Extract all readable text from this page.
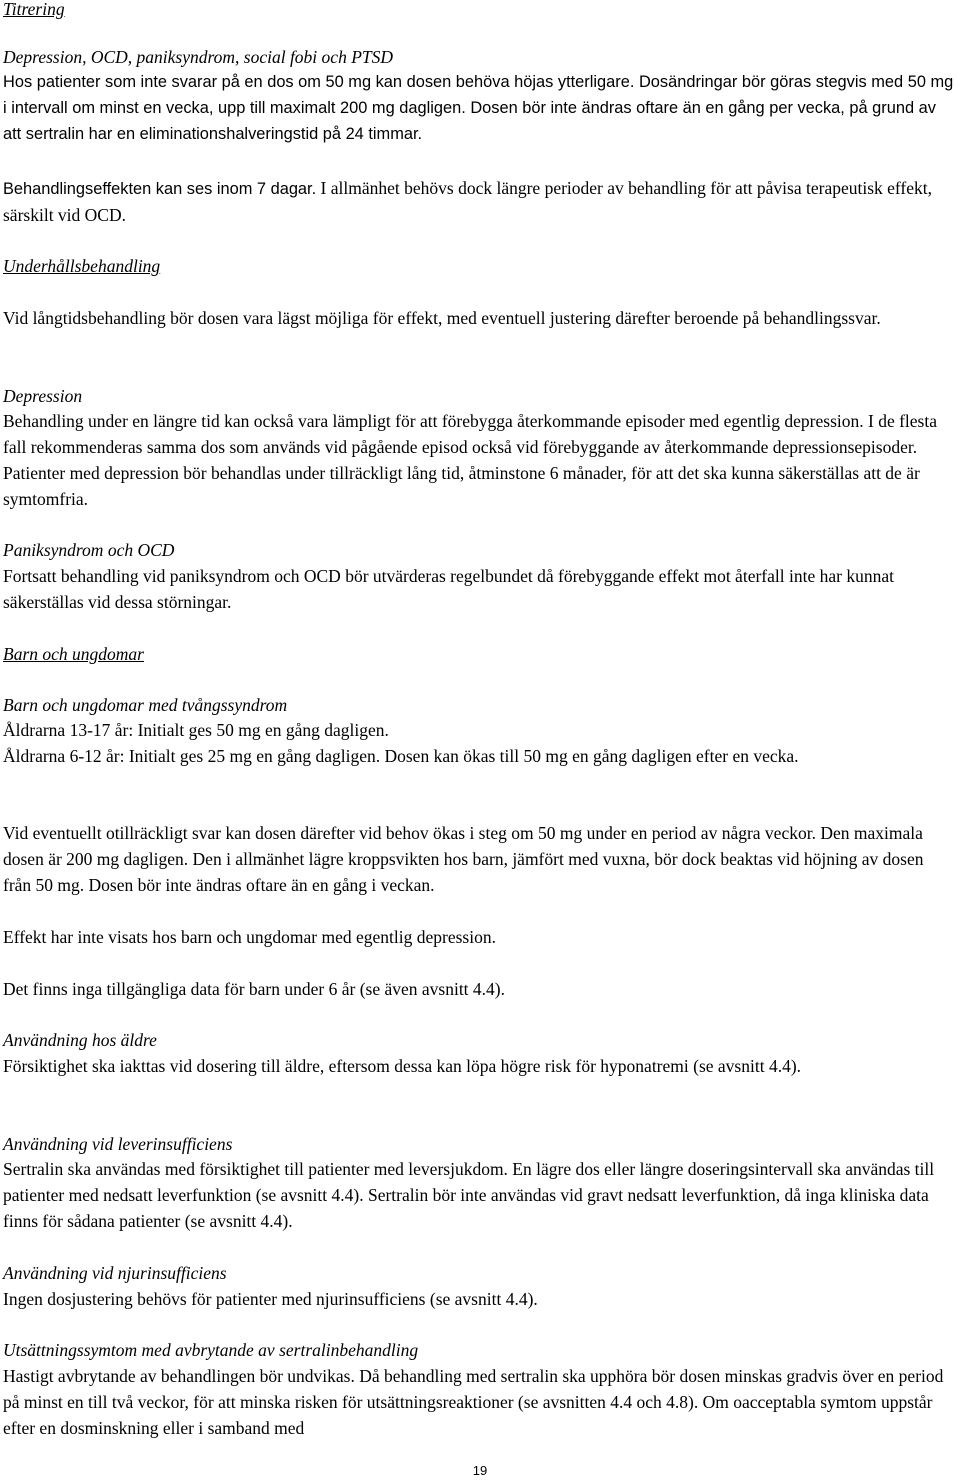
Titrering

Depression, OCD, paniksyndrom, social fobi och PTSD

Hos patienter som inte svarar på en dos om 50 mg kan dosen behöva höjas ytterligare. Dosändringar bör göras stegvis med 50 mg i intervall om minst en vecka, upp till maximalt 200 mg dagligen. Dosen bör inte ändras oftare än en gång per vecka, på grund av att sertralin har en eliminationshalveringstid på 24 timmar.

Behandlingseffekten kan ses inom 7 dagar. I allmänhet behövs dock längre perioder av behandling för att påvisa terapeutisk effekt, särskilt vid OCD.

Underhållsbehandling

Vid långtidsbehandling bör dosen vara lägst möjliga för effekt, med eventuell justering därefter beroende på behandlingssvar.

Depression

Behandling under en längre tid kan också vara lämpligt för att förebygga återkommande episoder med egentlig depression. I de flesta fall rekommenderas samma dos som används vid pågående episod också vid förebyggande av återkommande depressionsepisoder. Patienter med depression bör behandlas under tillräckligt lång tid, åtminstone 6 månader, för att det ska kunna säkerställas att de är symtomfria.

Paniksyndrom och OCD

Fortsatt behandling vid paniksyndrom och OCD bör utvärderas regelbundet då förebyggande effekt mot återfall inte har kunnat säkerställas vid dessa störningar.

Barn och ungdomar

Barn och ungdomar med tvångssyndrom

Åldrarna 13-17 år: Initialt ges 50 mg en gång dagligen.

Åldrarna 6-12 år: Initialt ges 25 mg en gång dagligen. Dosen kan ökas till 50 mg en gång dagligen efter en vecka.

Vid eventuellt otillräckligt svar kan dosen därefter vid behov ökas i steg om 50 mg under en period av några veckor. Den maximala dosen är 200 mg dagligen. Den i allmänhet lägre kroppsvikten hos barn, jämfört med vuxna, bör dock beaktas vid höjning av dosen från 50 mg. Dosen bör inte ändras oftare än en gång i veckan.

Effekt har inte visats hos barn och ungdomar med egentlig depression.

Det finns inga tillgängliga data för barn under 6 år (se även avsnitt 4.4).

Användning hos äldre

Försiktighet ska iakttas vid dosering till äldre, eftersom dessa kan löpa högre risk för hyponatremi (se avsnitt 4.4).

Användning vid leverinsufficiens

Sertralin ska användas med försiktighet till patienter med leversjukdom. En lägre dos eller längre doseringsintervall ska användas till patienter med nedsatt leverfunktion (se avsnitt 4.4). Sertralin bör inte användas vid gravt nedsatt leverfunktion, då inga kliniska data finns för sådana patienter (se avsnitt 4.4).

Användning vid njurinsufficiens

Ingen dosjustering behövs för patienter med njurinsufficiens (se avsnitt 4.4).

Utsättningssymtom med avbrytande av sertralinbehandling

Hastigt avbrytande av behandlingen bör undvikas. Då behandling med sertralin ska upphöra bör dosen minskas gradvis över en period på minst en till två veckor, för att minska risken för utsättningsreaktioner (se avsnitten 4.4 och 4.8). Om oacceptabla symtom uppstår efter en dosminskning eller i samband med

19
